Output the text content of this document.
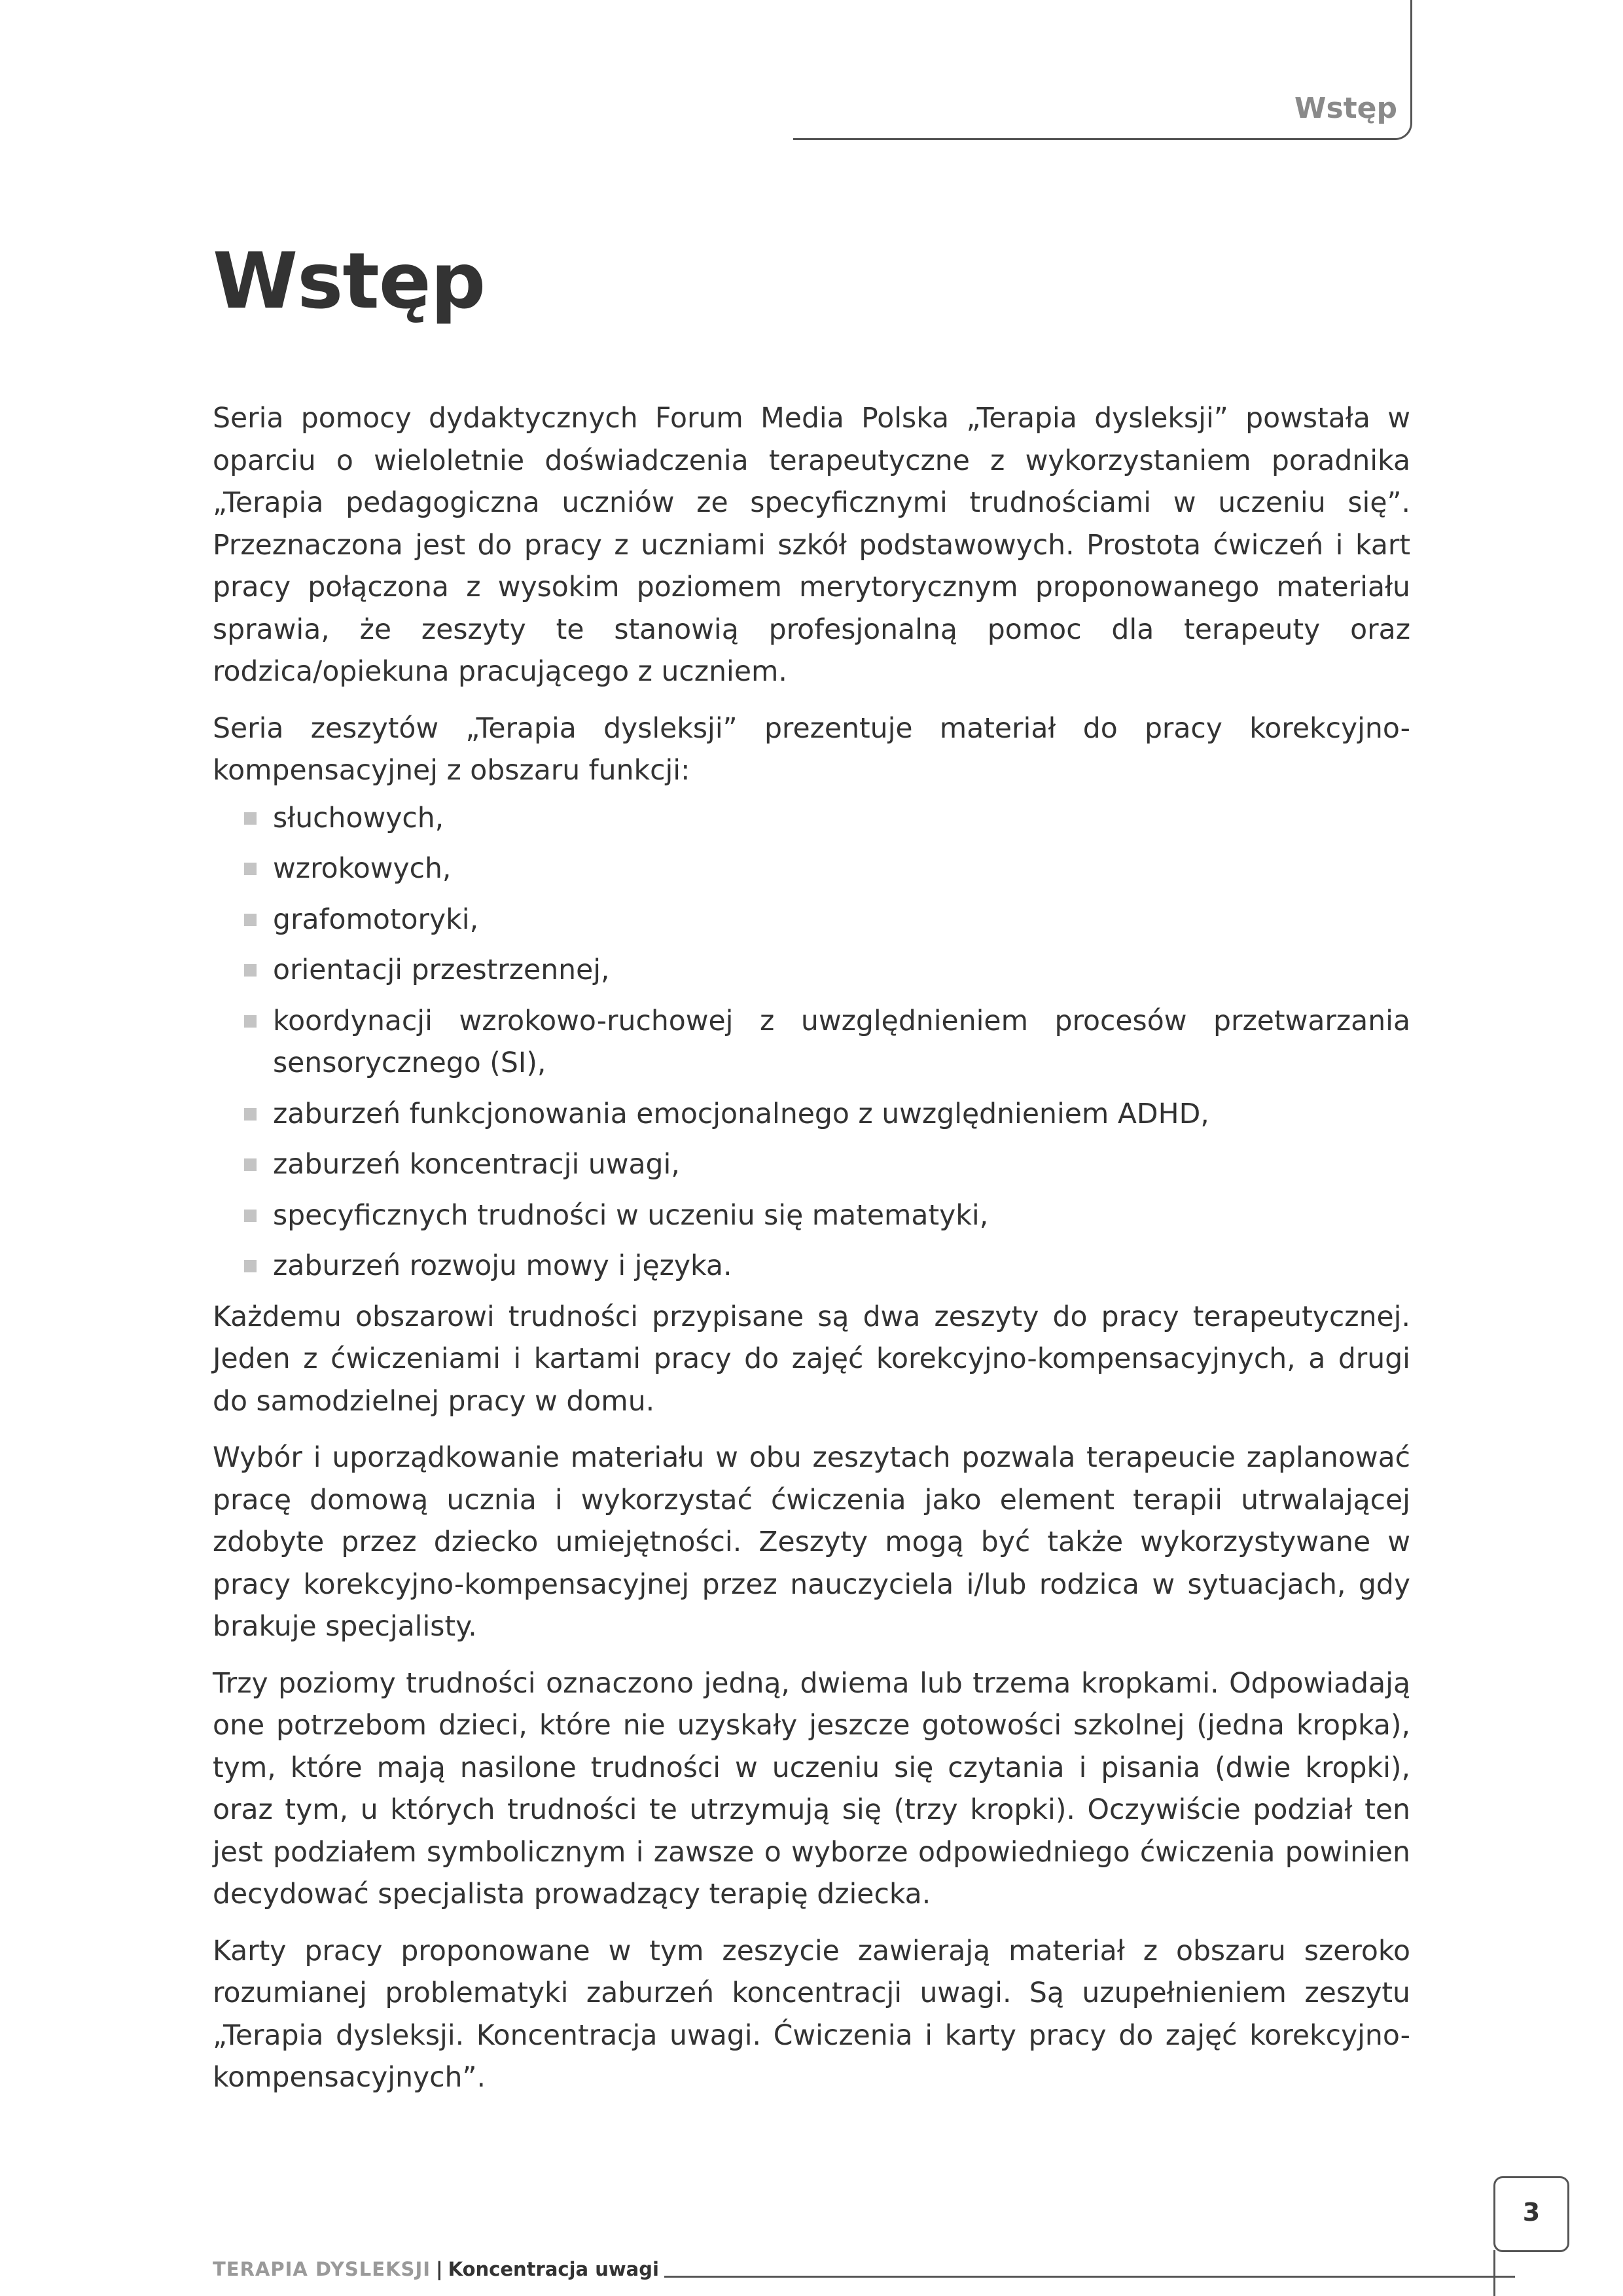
Wstęp
Wstęp

Seria pomocy dydaktycznych Forum Media Polska „Terapia dysleksji” powstała w oparciu o wieloletnie doświadczenia terapeutyczne z wykorzystaniem poradnika „Terapia pedagogiczna uczniów ze specyficznymi trudnościami w uczeniu się”. Przeznaczona jest do pracy z uczniami szkół podstawowych. Prostota ćwiczeń i kart pracy połączona z wysokim poziomem merytorycznym proponowanego materiału sprawia, że zeszyty te stanowią profesjonalną pomoc dla terapeuty oraz rodzica/opiekuna pracującego z uczniem.

Seria zeszytów „Terapia dysleksji” prezentuje materiał do pracy korekcyjno-kompensacyjnej z obszaru funkcji:

słuchowych,
wzrokowych,
grafomotoryki,
orientacji przestrzennej,
koordynacji wzrokowo-ruchowej z uwzględnieniem procesów przetwarzania sensorycznego (SI),
zaburzeń funkcjonowania emocjonalnego z uwzględnieniem ADHD,
zaburzeń koncentracji uwagi,
specyficznych trudności w uczeniu się matematyki,
zaburzeń rozwoju mowy i języka.

Każdemu obszarowi trudności przypisane są dwa zeszyty do pracy terapeutycznej. Jeden z ćwiczeniami i kartami pracy do zajęć korekcyjno-kompensacyjnych, a drugi do samodzielnej pracy w domu.

Wybór i uporządkowanie materiału w obu zeszytach pozwala terapeucie zaplanować pracę domową ucznia i wykorzystać ćwiczenia jako element terapii utrwalającej zdobyte przez dziecko umiejętności. Zeszyty mogą być także wykorzystywane w pracy korekcyjno-kompensacyjnej przez nauczyciela i/lub rodzica w sytuacjach, gdy brakuje specjalisty.

Trzy poziomy trudności oznaczono jedną, dwiema lub trzema kropkami. Odpowiadają one potrzebom dzieci, które nie uzyskały jeszcze gotowości szkolnej (jedna kropka), tym, które mają nasilone trudności w uczeniu się czytania i pisania (dwie kropki), oraz tym, u których trudności te utrzymują się (trzy kropki). Oczywiście podział ten jest podziałem symbolicznym i zawsze o wyborze odpowiedniego ćwiczenia powinien decydować specjalista prowadzący terapię dziecka.

Karty pracy proponowane w tym zeszycie zawierają materiał z obszaru szeroko rozumianej problematyki zaburzeń koncentracji uwagi. Są uzupełnieniem zeszytu „Terapia dysleksji. Koncentracja uwagi. Ćwiczenia i karty pracy do zajęć korekcyjno-kompensacyjnych”.

TERAPIA DYSLEKSJI | Koncentracja uwagi
3
